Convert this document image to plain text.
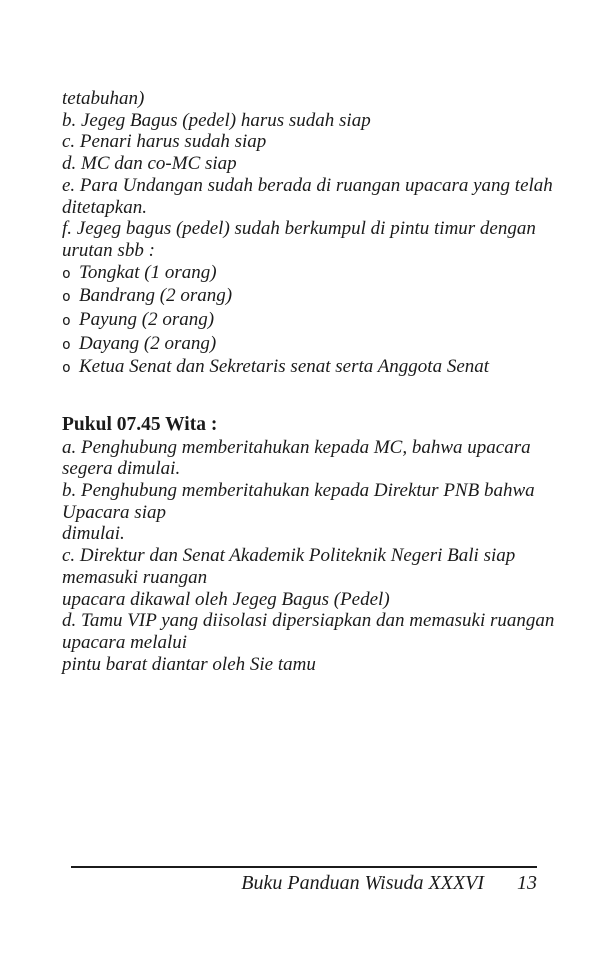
tetabuhan)
b. Jegeg Bagus (pedel) harus sudah siap
c. Penari harus sudah siap
d. MC dan co-MC siap
e. Para Undangan sudah berada di ruangan upacara yang telah
ditetapkan.
f. Jegeg bagus (pedel) sudah berkumpul di pintu timur dengan
urutan sbb :
o Tongkat (1 orang)
o Bandrang (2 orang)
o Payung (2 orang)
o Dayang (2 orang)
o Ketua Senat dan Sekretaris senat serta Anggota Senat
Pukul 07.45 Wita :
a. Penghubung memberitahukan kepada MC, bahwa upacara
segera dimulai.
b. Penghubung memberitahukan kepada Direktur PNB bahwa
Upacara siap
dimulai.
c. Direktur dan Senat Akademik Politeknik Negeri Bali siap
memasuki ruangan
upacara dikawal oleh Jegeg Bagus (Pedel)
d. Tamu VIP yang diisolasi dipersiapkan dan memasuki ruangan
upacara melalui
pintu barat diantar oleh Sie tamu
Buku Panduan Wisuda XXXVI 13
